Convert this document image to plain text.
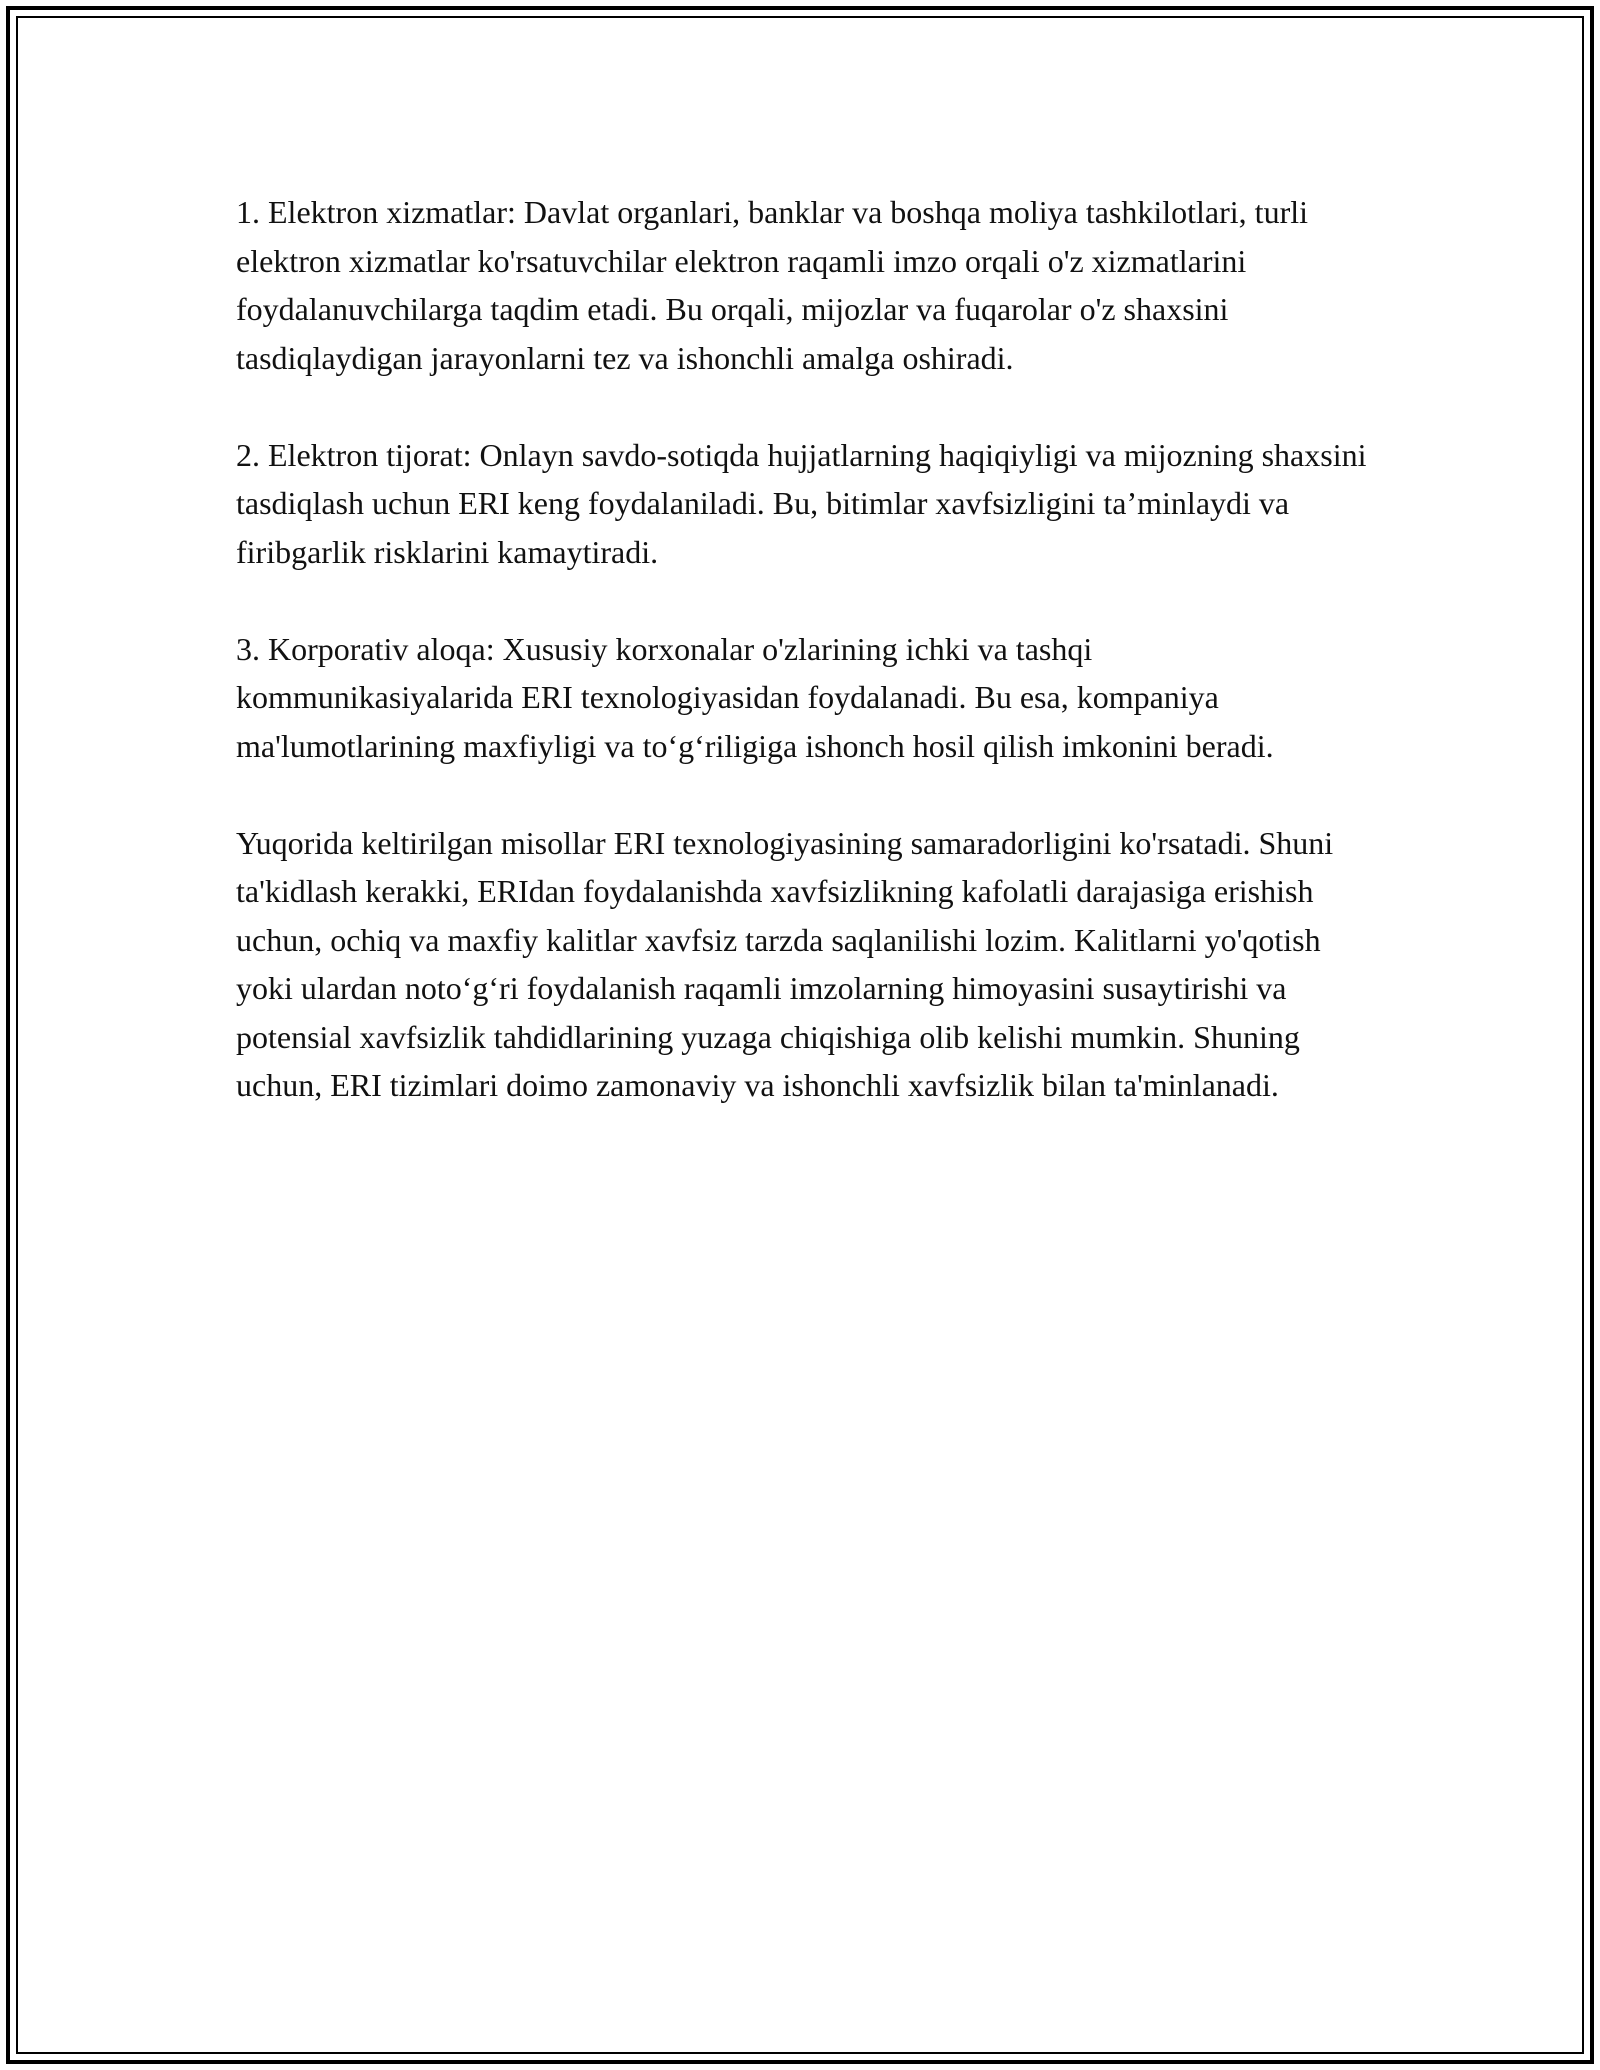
1. Elektron xizmatlar: Davlat organlari, banklar va boshqa moliya tashkilotlari, turli elektron xizmatlar ko'rsatuvchilar elektron raqamli imzo orqali o'z xizmatlarini foydalanuvchilarga taqdim etadi. Bu orqali, mijozlar va fuqarolar o'z shaxsini tasdiqlaydigan jarayonlarni tez va ishonchli amalga oshiradi.

2. Elektron tijorat: Onlayn savdo-sotiqda hujjatlarning haqiqiyligi va mijozning shaxsini tasdiqlash uchun ERI keng foydalaniladi. Bu, bitimlar xavfsizligini ta’minlaydi va firibgarlik risklarini kamaytiradi.

3. Korporativ aloqa: Xususiy korxonalar o'zlarining ichki va tashqi kommunikasiyalarida ERI texnologiyasidan foydalanadi. Bu esa, kompaniya ma'lumotlarining maxfiyligi va to‘g‘riligiga ishonch hosil qilish imkonini beradi.

Yuqorida keltirilgan misollar ERI texnologiyasining samaradorligini ko'rsatadi. Shuni ta'kidlash kerakki, ERIdan foydalanishda xavfsizlikning kafolatli darajasiga erishish uchun, ochiq va maxfiy kalitlar xavfsiz tarzda saqlanilishi lozim. Kalitlarni yo'qotish yoki ulardan noto‘g‘ri foydalanish raqamli imzolarning himoyasini susaytirishi va potensial xavfsizlik tahdidlarining yuzaga chiqishiga olib kelishi mumkin. Shuning uchun, ERI tizimlari doimo zamonaviy va ishonchli xavfsizlik bilan ta'minlanadi.
